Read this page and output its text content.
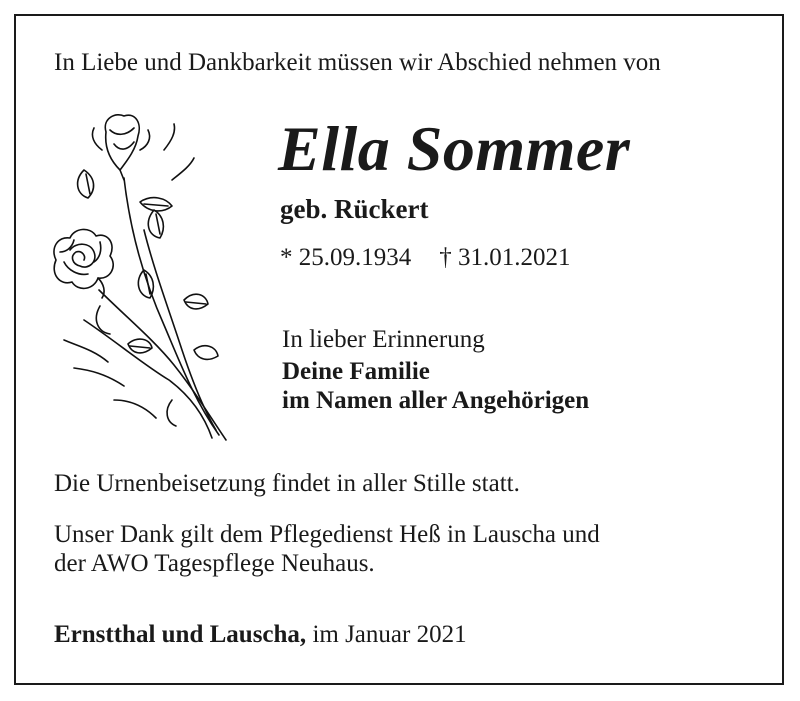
In Liebe und Dankbarkeit müssen wir Abschied nehmen von
Ella Sommer
geb. Rückert
* 25.09.1934 † 31.01.2021
In lieber Erinnerung
Deine Familie
im Namen aller Angehörigen
Die Urnenbeisetzung findet in aller Stille statt.
Unser Dank gilt dem Pflegedienst Heß in Lauscha und
der AWO Tagespflege Neuhaus.
Ernstthal und Lauscha, im Januar 2021
